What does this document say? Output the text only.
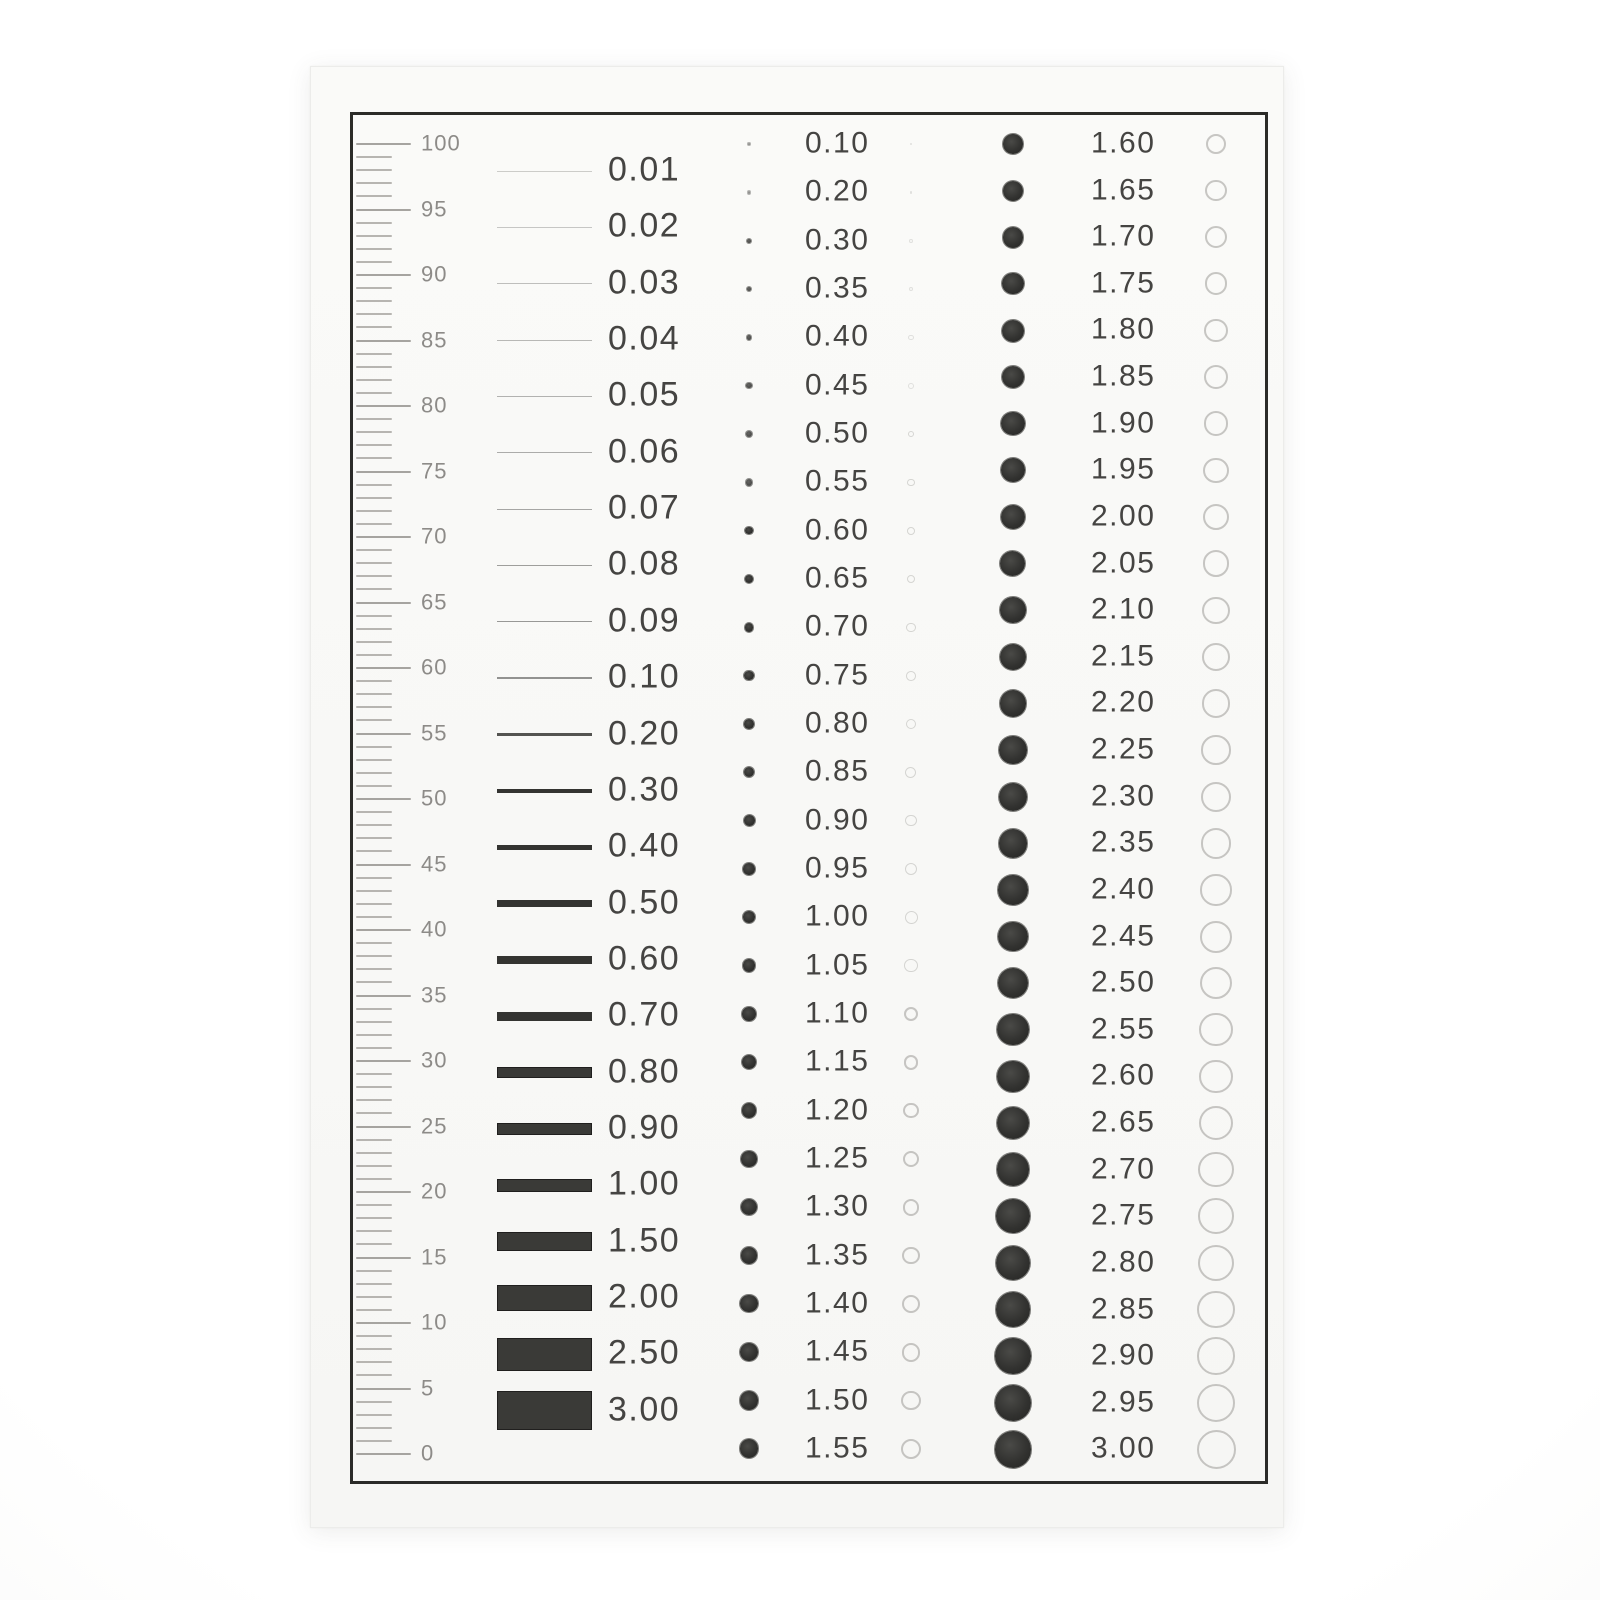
100
95
90
85
80
75
70
65
60
55
50
45
40
35
30
25
20
15
10
5
0
0.01
0.02
0.03
0.04
0.05
0.06
0.07
0.08
0.09
0.10
0.20
0.30
0.40
0.50
0.60
0.70
0.80
0.90
1.00
1.50
2.00
2.50
3.00
0.10
0.20
0.30
0.35
0.40
0.45
0.50
0.55
0.60
0.65
0.70
0.75
0.80
0.85
0.90
0.95
1.00
1.05
1.10
1.15
1.20
1.25
1.30
1.35
1.40
1.45
1.50
1.55
1.60
1.65
1.70
1.75
1.80
1.85
1.90
1.95
2.00
2.05
2.10
2.15
2.20
2.25
2.30
2.35
2.40
2.45
2.50
2.55
2.60
2.65
2.70
2.75
2.80
2.85
2.90
2.95
3.00
